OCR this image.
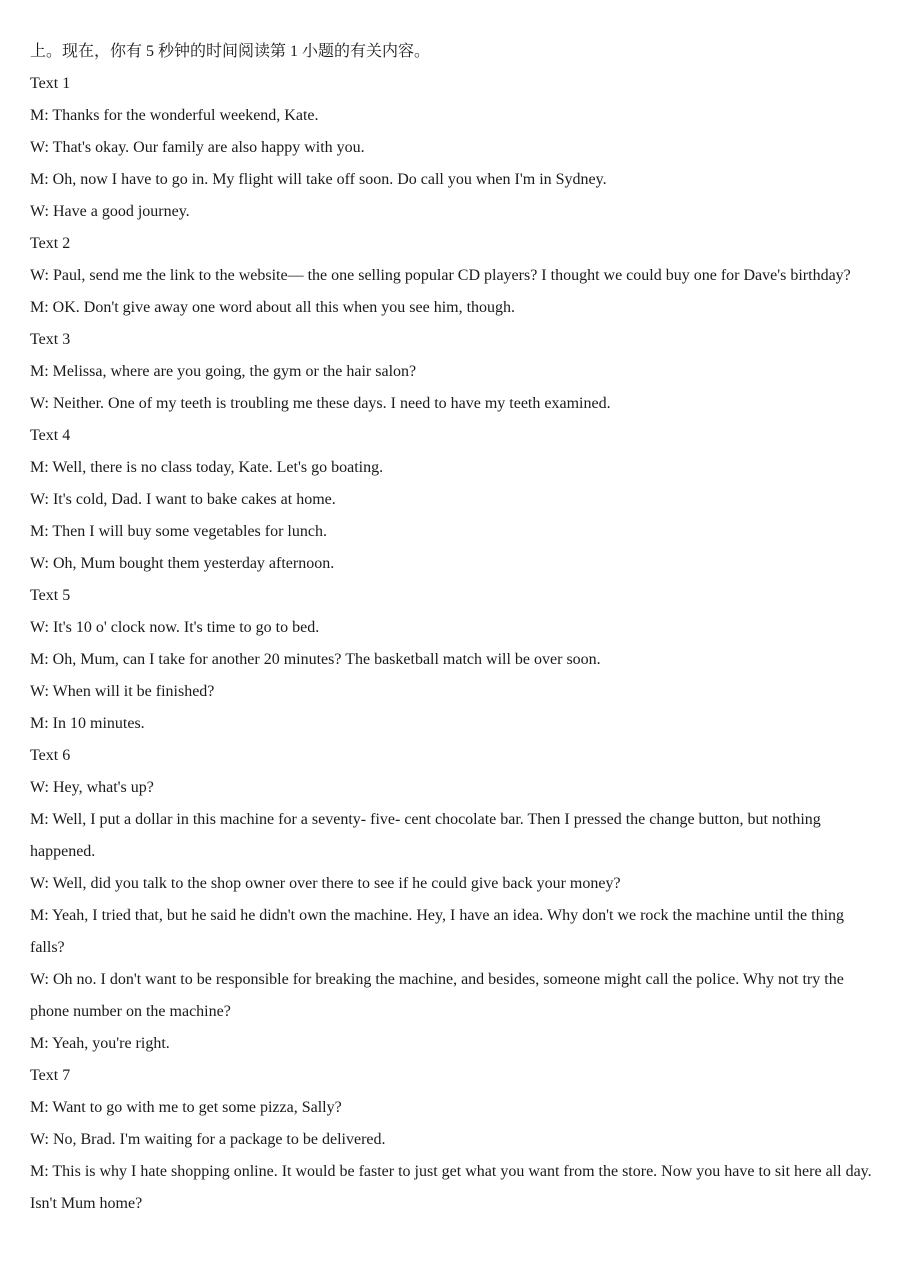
上。现在，你有 5 秒钟的时间阅读第 1 小题的有关内容。
Text 1
M: Thanks for the wonderful weekend, Kate.
W: That's okay. Our family are also happy with you.
M: Oh, now I have to go in. My flight will take off soon. Do call you when I'm in Sydney.
W: Have a good journey.
Text 2
W: Paul, send me the link to the website— the one selling popular CD players? I thought we could buy one for Dave's birthday?
M: OK. Don't give away one word about all this when you see him, though.
Text 3
M: Melissa, where are you going, the gym or the hair salon?
W: Neither. One of my teeth is troubling me these days. I need to have my teeth examined.
Text 4
M: Well, there is no class today, Kate. Let's go boating.
W: It's cold, Dad. I want to bake cakes at home.
M: Then I will buy some vegetables for lunch.
W: Oh, Mum bought them yesterday afternoon.
Text 5
W: It's 10 o' clock now. It's time to go to bed.
M: Oh, Mum, can I take for another 20 minutes? The basketball match will be over soon.
W: When will it be finished?
M: In 10 minutes.
Text 6
W: Hey, what's up?
M: Well, I put a dollar in this machine for a seventy- five- cent chocolate bar. Then I pressed the change button, but nothing happened.
W: Well, did you talk to the shop owner over there to see if he could give back your money?
M: Yeah, I tried that, but he said he didn't own the machine. Hey, I have an idea. Why don't we rock the machine until the thing falls?
W: Oh no. I don't want to be responsible for breaking the machine, and besides, someone might call the police. Why not try the phone number on the machine?
M: Yeah, you're right.
Text 7
M: Want to go with me to get some pizza, Sally?
W: No, Brad. I'm waiting for a package to be delivered.
M: This is why I hate shopping online. It would be faster to just get what you want from the store. Now you have to sit here all day. Isn't Mum home?
